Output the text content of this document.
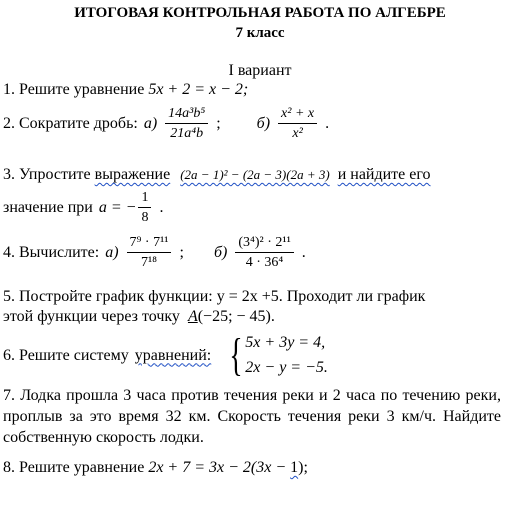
ИТОГОВАЯ КОНТРОЛЬНАЯ РАБОТА ПО АЛГЕБРЕ
7 класс
I вариант
1. Решите уравнение 5x + 2 = x − 2;
2. Сократите дробь: $а) \frac{\text{14a³b⁵}}{\text{21a⁴b}}$ ; $б) \frac{\text{x² + x}}{\text{x²}}$ .
3. Упростите выражение (2a − 1)² − (2a − 3)(2a + 3) и найдите его
значение при a = − $\frac{1}{8}$ .
4. Вычислите: $а) \frac{\text{7⁹ · 7¹¹}}{\text{7¹⁸}}$ ; $б) \frac{\text{(3⁴)² · 2¹¹}}{\text{4 · 36⁴}}$ .
5. Постройте график функции: y = 2x +5. Проходит ли график
этой функции через точку А(−25; − 45).
6. Решите систему уравнений: { 5x + 3y = 4,
2x − y = −5.
7. Лодка прошла 3 часа против течения реки и 2 часа по течению реки, проплыв за это время 32 км. Скорость течения реки 3 км/ч. Найдите собственную скорость лодки.
8. Решите уравнение 2x + 7 = 3x − 2(3x − 1);
